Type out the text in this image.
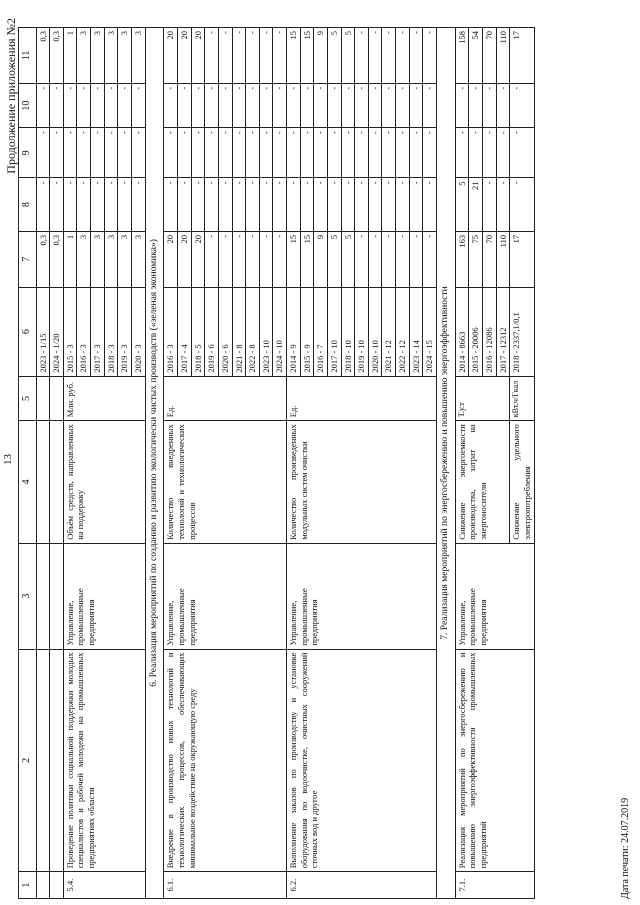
13
Продолжение приложения №2
1	2	3	4	5	6	7	8	9	10	11
					2023 - 1/15	0,3	-	-	-	0,3
					2024 - 1/20	0,3	-	-	-	0,3
5.4.	Проведение политики социальной поддержки молодых специалистов и рабочей молодежи на промышленных предприятиях области	Управление, промышленные предприятия	Объём средств, направленных на поддержку	Млн. руб.	2015 - 3	1	-	-	-	1
					2016 - 3	3	-	-	-	3
					2017 - 3	3	-	-	-	3
					2018 - 3	3	-	-	-	3
					2019 - 3	3	-	-	-	3
					2020 - 3	3	-	-	-	3
6. Реализация мероприятий по созданию и развитию экологически чистых производств («зеленая экономика»)										
6.1.	Внедрение в производство новых технологий и технологических процессов, обеспечивающих минимальное воздействие на окружающую среду	Управление, промышленные предприятия	Количество внедренных технологий и технологических процессов	Ед.	2016 - 3	20	-	-	-	20
					2017 - 4	20	-	-	-	20
					2018 - 5	20	-	-	-	20
					2019 - 6	-	-	-	-	-
					2020 - 6	-	-	-	-	-
					2021 - 8	-	-	-	-	-
					2022 - 8	-	-	-	-	-
					2023 - 10	-	-	-	-	-
					2024 - 10	-	-	-	-	-
6.2.	Выполнение заказов по производству и установке оборудования по водоочистке, очистных сооружений сточных вод и другое	Управление, промышленные предприятия	Количество произведенных модульных систем очистки	Ед.	2014 - 9	15	-	-	-	15
					2015 - 9	15	-	-	-	15
					2016 - 7	9	-	-	-	9
					2017 - 10	5	-	-	-	5
					2018 - 10	5	-	-	-	5
					2019 - 10	-	-	-	-	-
					2020 - 10	-	-	-	-	-
					2021 - 12	-	-	-	-	-
					2022 - 12	-	-	-	-	-
					2023 - 14	-	-	-	-	-
					2024 - 15	-	-	-	-	-
7. Реализация мероприятий по энергосбережению и повышению энергоэффективности										
7.1.	Реализация мероприятий по энергосбережению и повышению энергоэффективности промышленных предприятий	Управление, промышленные предприятия	Снижение энергоемкости производства, затрат на энергоносители	Т.у.т	2014 - 8663	163	5	-	-	158
					2015 - 20006	75	21	-	-	54
					2016 - 12086	70	-	-	-	70
					2017 - 12312	110	-	-	-	110
			Снижение удельного электропотребления	кВт.ч/Гкал	2018 - 2337,1/0,1	17	-	-	-	17
Дата печати: 24.07.2019
